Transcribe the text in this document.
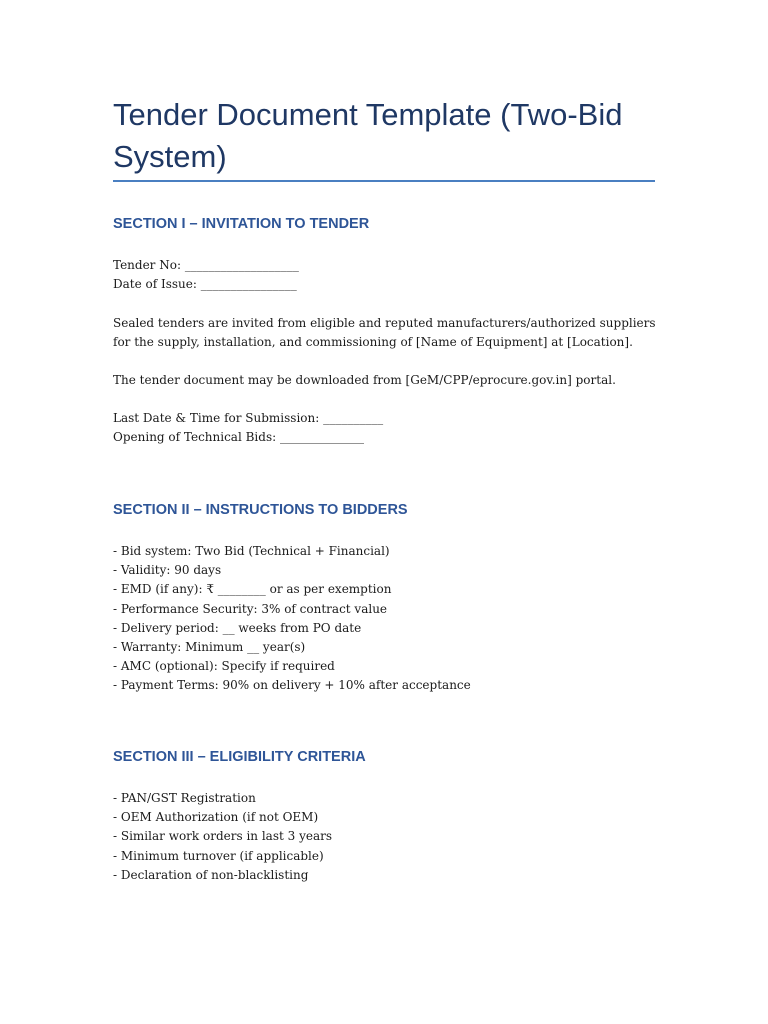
Tender Document Template (Two-Bid System)
SECTION I – INVITATION TO TENDER
Tender No: ___________________
Date of Issue: ________________
Sealed tenders are invited from eligible and reputed manufacturers/authorized suppliers
for the supply, installation, and commissioning of [Name of Equipment] at [Location].
The tender document may be downloaded from [GeM/CPP/eprocure.gov.in] portal.
Last Date & Time for Submission: __________
Opening of Technical Bids: ______________
SECTION II – INSTRUCTIONS TO BIDDERS
- Bid system: Two Bid (Technical + Financial)
- Validity: 90 days
- EMD (if any): ₹ ________ or as per exemption
- Performance Security: 3% of contract value
- Delivery period: __ weeks from PO date
- Warranty: Minimum __ year(s)
- AMC (optional): Specify if required
- Payment Terms: 90% on delivery + 10% after acceptance
SECTION III – ELIGIBILITY CRITERIA
- PAN/GST Registration
- OEM Authorization (if not OEM)
- Similar work orders in last 3 years
- Minimum turnover (if applicable)
- Declaration of non-blacklisting
